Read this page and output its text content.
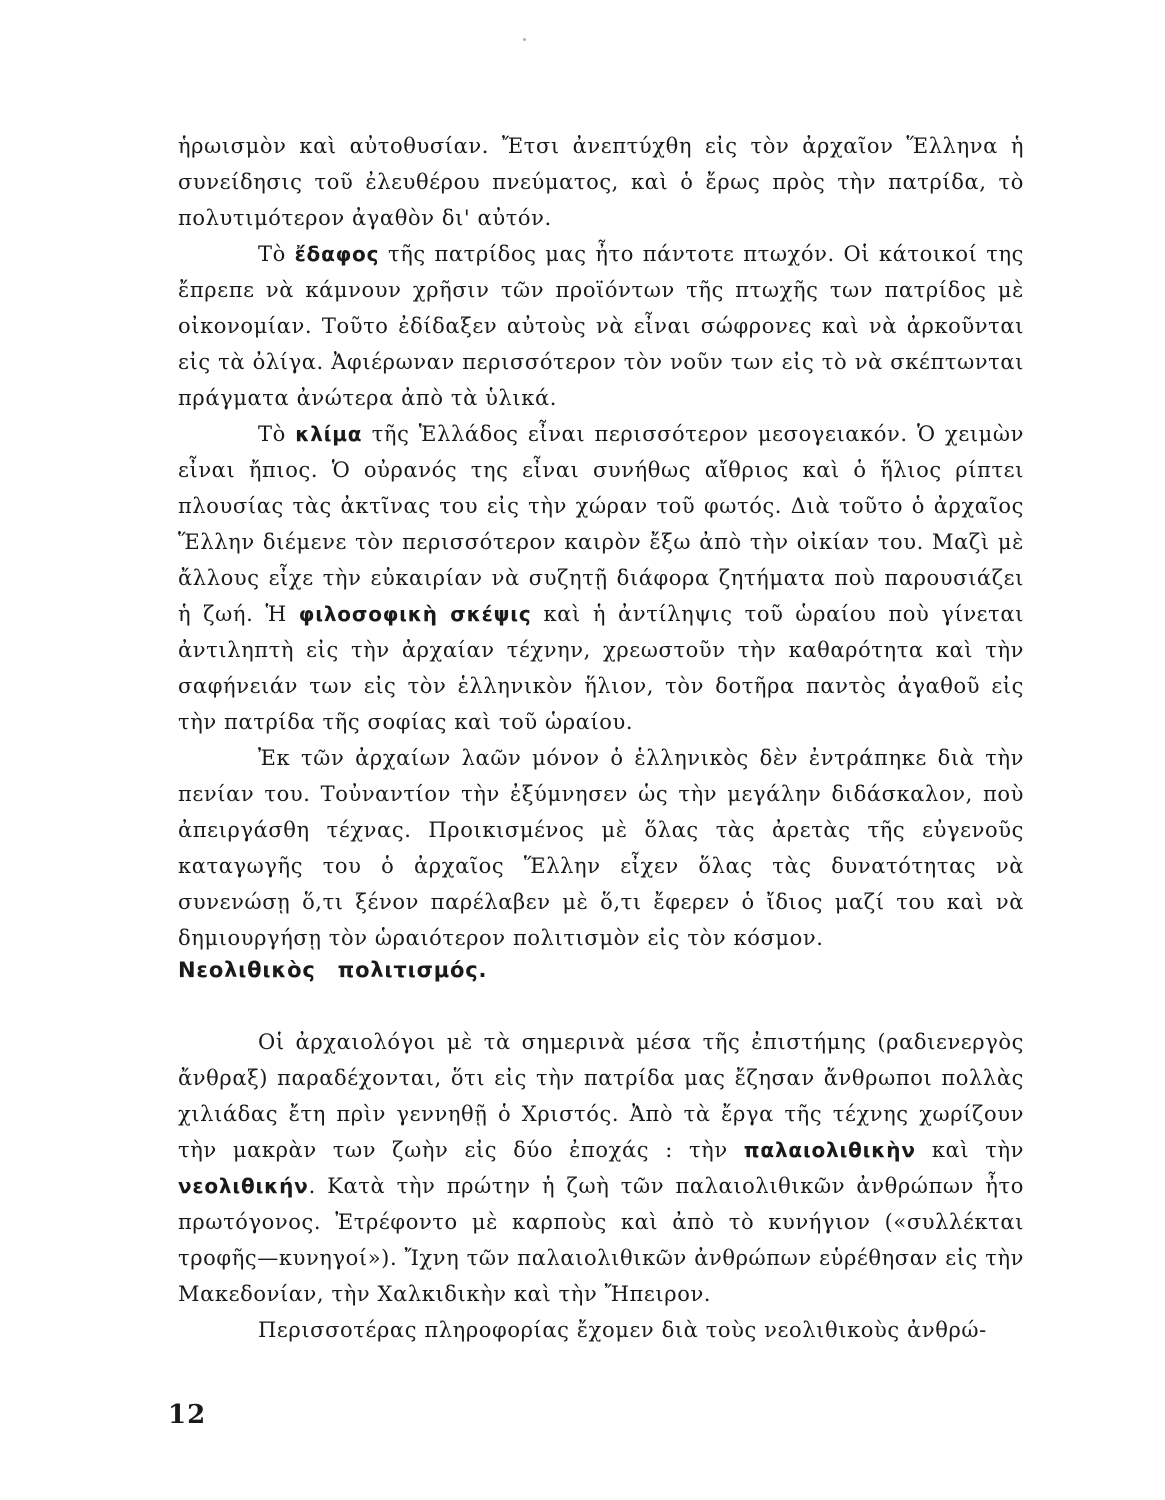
ἡρωισμὸν καὶ αὐτοθυσίαν. Ἔτσι ἀνεπτύχθη εἰς τὸν ἀρχαῖον Ἕλληνα ἡ συνείδησις τοῦ ἐλευθέρου πνεύματος, καὶ ὁ ἔρως πρὸς τὴν πατρίδα, τὸ πολυτιμότερον ἀγαθὸν δι' αὐτόν.

Τὸ ἔδαφος τῆς πατρίδος μας ἦτο πάντοτε πτωχόν. Οἱ κάτοικοί της ἔπρεπε νὰ κάμνουν χρῆσιν τῶν προϊόντων τῆς πτωχῆς των πατρίδος μὲ οἰκονομίαν. Τοῦτο ἐδίδαξεν αὐτοὺς νὰ εἶναι σώφρονες καὶ νὰ ἀρκοῦνται εἰς τὰ ὀλίγα. Ἀφιέρωναν περισσότερον τὸν νοῦν των εἰς τὸ νὰ σκέπτωνται πράγματα ἀνώτερα ἀπὸ τὰ ὑλικά.

Τὸ κλίμα τῆς Ἑλλάδος εἶναι περισσότερον μεσογειακόν. Ὁ χειμὼν εἶναι ἤπιος. Ὁ οὐρανός της εἶναι συνήθως αἴθριος καὶ ὁ ἥλιος ρίπτει πλουσίας τὰς ἀκτῖνας του εἰς τὴν χώραν τοῦ φωτός. Διὰ τοῦτο ὁ ἀρχαῖος Ἕλλην διέμενε τὸν περισσότερον καιρὸν ἔξω ἀπὸ τὴν οἰκίαν του. Μαζὶ μὲ ἄλλους εἶχε τὴν εὐκαιρίαν νὰ συζητῇ διάφορα ζητήματα ποὺ παρουσιάζει ἡ ζωή. Ἡ φιλοσοφικὴ σκέψις καὶ ἡ ἀντίληψις τοῦ ὡραίου ποὺ γίνεται ἀντιληπτὴ εἰς τὴν ἀρχαίαν τέχνην, χρεωστοῦν τὴν καθαρότητα καὶ τὴν σαφήνειάν των εἰς τὸν ἑλληνικὸν ἥλιον, τὸν δοτῆρα παντὸς ἀγαθοῦ εἰς τὴν πατρίδα τῆς σοφίας καὶ τοῦ ὡραίου.

Ἐκ τῶν ἀρχαίων λαῶν μόνον ὁ ἑλληνικὸς δὲν ἐντράπηκε διὰ τὴν πενίαν του. Τοὐναντίον τὴν ἐξύμνησεν ὡς τὴν μεγάλην διδάσκαλον, ποὺ ἀπειργάσθη τέχνας. Προικισμένος μὲ ὅλας τὰς ἀρετὰς τῆς εὐγενοῦς καταγωγῆς του ὁ ἀρχαῖος Ἕλλην εἶχεν ὅλας τὰς δυνατότητας νὰ συνενώσῃ ὅ,τι ξένον παρέλαβεν μὲ ὅ,τι ἔφερεν ὁ ἴδιος μαζί του καὶ νὰ δημιουργήσῃ τὸν ὡραιότερον πολιτισμὸν εἰς τὸν κόσμον.

Νεολιθικὸς πολιτισμός.

Οἱ ἀρχαιολόγοι μὲ τὰ σημερινὰ μέσα τῆς ἐπιστήμης (ραδιενεργὸς ἄνθραξ) παραδέχονται, ὅτι εἰς τὴν πατρίδα μας ἔζησαν ἄνθρωποι πολλὰς χιλιάδας ἔτη πρὶν γεννηθῇ ὁ Χριστός. Ἀπὸ τὰ ἔργα τῆς τέχνης χωρίζουν τὴν μακρὰν των ζωὴν εἰς δύο ἐποχάς : τὴν παλαιολιθικὴν καὶ τὴν νεολιθικήν. Κατὰ τὴν πρώτην ἡ ζωὴ τῶν παλαιολιθικῶν ἀνθρώπων ἦτο πρωτόγονος. Ἐτρέφοντο μὲ καρποὺς καὶ ἀπὸ τὸ κυνήγιον («συλλέκται τροφῆς—κυνηγοί»). Ἴχνη τῶν παλαιολιθικῶν ἀνθρώπων εὑρέθησαν εἰς τὴν Μακεδονίαν, τὴν Χαλκιδικὴν καὶ τὴν Ἤπειρον.

Περισσοτέρας πληροφορίας ἔχομεν διὰ τοὺς νεολιθικοὺς ἀνθρώ-

12
